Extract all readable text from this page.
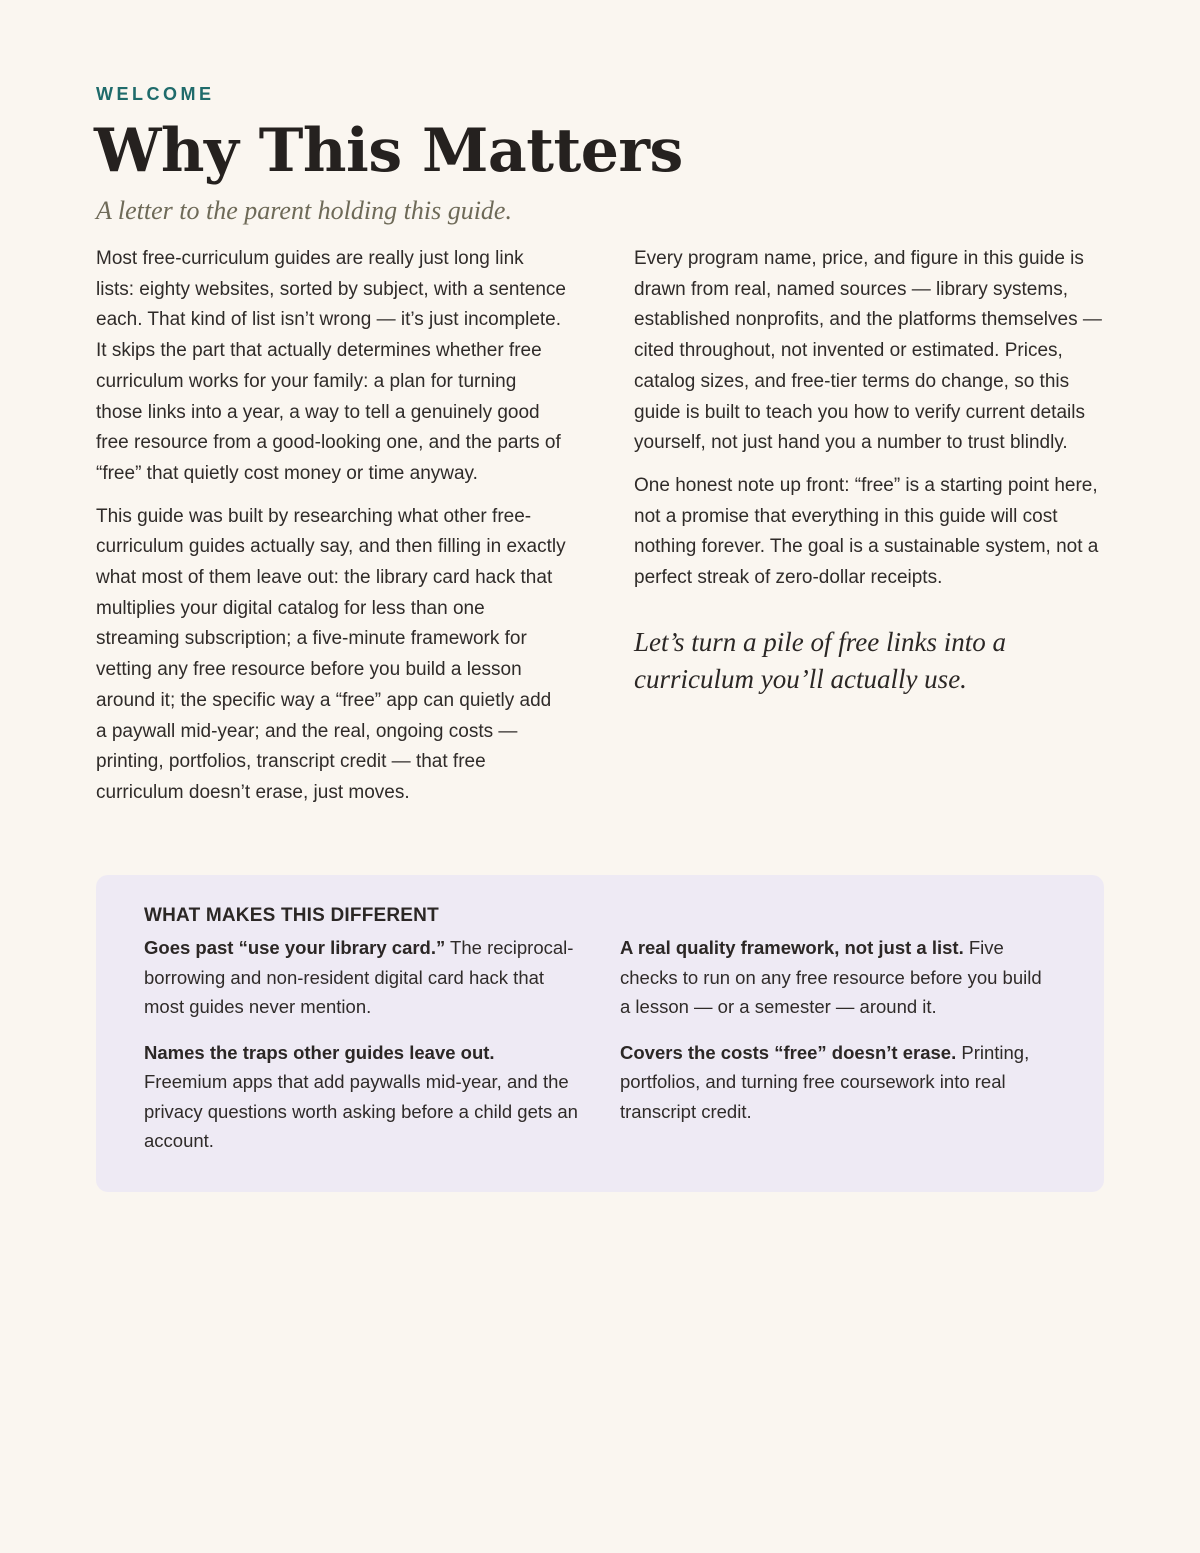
WELCOME

Why This Matters

A letter to the parent holding this guide.

Most free-curriculum guides are really just long link lists: eighty websites, sorted by subject, with a sentence each. That kind of list isn’t wrong — it’s just incomplete. It skips the part that actually determines whether free curriculum works for your family: a plan for turning those links into a year, a way to tell a genuinely good free resource from a good-looking one, and the parts of “free” that quietly cost money or time anyway.

This guide was built by researching what other free-curriculum guides actually say, and then filling in exactly what most of them leave out: the library card hack that multiplies your digital catalog for less than one streaming subscription; a five-minute framework for vetting any free resource before you build a lesson around it; the specific way a “free” app can quietly add a paywall mid-year; and the real, ongoing costs — printing, portfolios, transcript credit — that free curriculum doesn’t erase, just moves.

Every program name, price, and figure in this guide is drawn from real, named sources — library systems, established nonprofits, and the platforms themselves — cited throughout, not invented or estimated. Prices, catalog sizes, and free-tier terms do change, so this guide is built to teach you how to verify current details yourself, not just hand you a number to trust blindly.

One honest note up front: “free” is a starting point here, not a promise that everything in this guide will cost nothing forever. The goal is a sustainable system, not a perfect streak of zero-dollar receipts.

Let’s turn a pile of free links into a curriculum you’ll actually use.
WHAT MAKES THIS DIFFERENT

Goes past “use your library card.” The reciprocal-borrowing and non-resident digital card hack that most guides never mention.

Names the traps other guides leave out. Freemium apps that add paywalls mid-year, and the privacy questions worth asking before a child gets an account.

A real quality framework, not just a list. Five checks to run on any free resource before you build a lesson — or a semester — around it.

Covers the costs “free” doesn’t erase. Printing, portfolios, and turning free coursework into real transcript credit.
